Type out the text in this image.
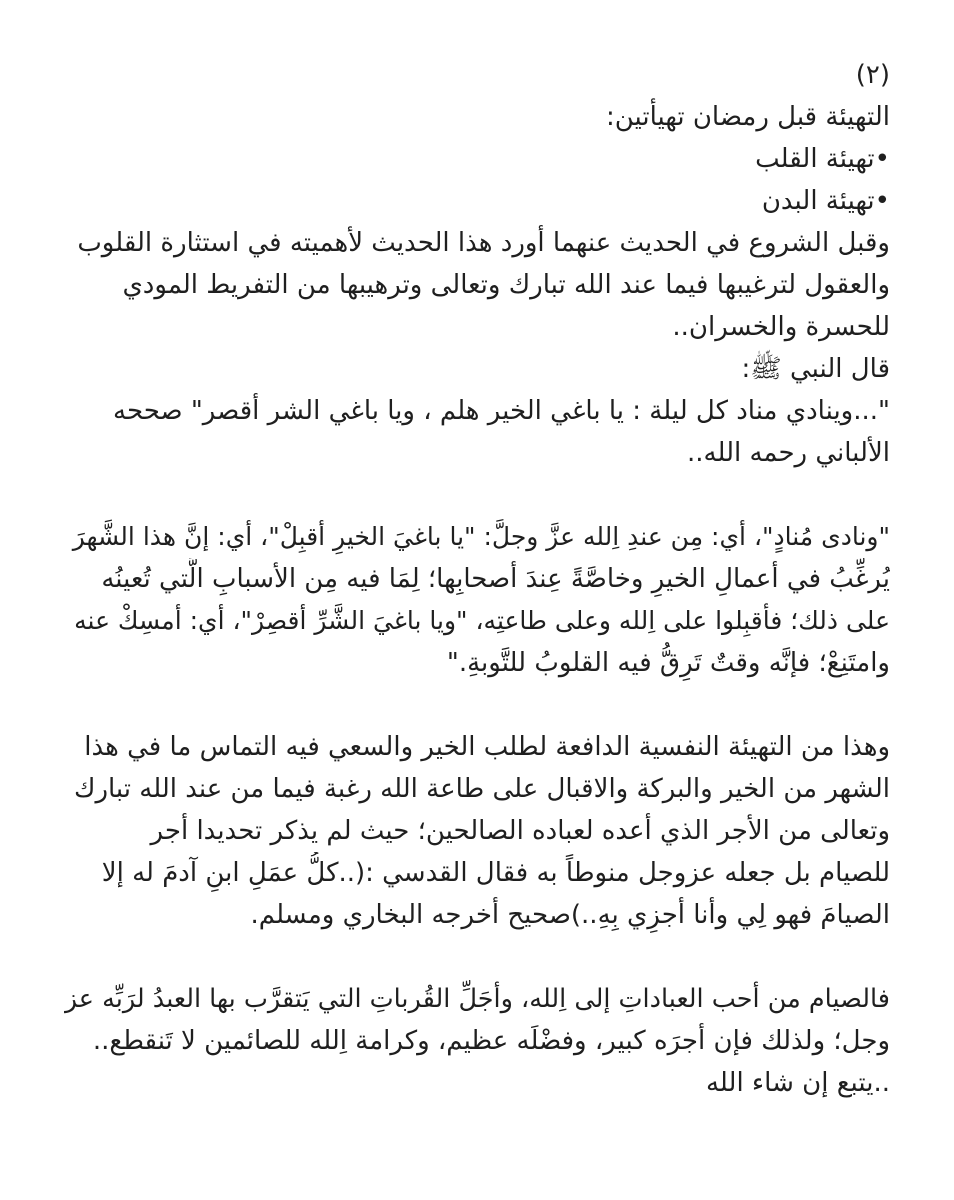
(٢)
التهيئة قبل رمضان تهيأتين:
•تهيئة القلب
•تهيئة البدن
وقبل الشروع في الحديث عنهما أورد هذا الحديث لأهميته في استثارة القلوب
والعقول لترغيبها فيما عند الله تبارك وتعالى وترهيبها من التفريط المودي
للحسرة والخسران..
قال النبي ﷺ:
"...وينادي مناد كل ليلة : يا باغي الخير هلم ، ويا باغي الشر أقصر" صححه
الألباني رحمه الله..
"ونادى مُنادٍ"، أي: مِن عندِ اِلله عزَّ وجلَّ: "يا باغيَ الخيرِ أقبِلْ"، أي: إنَّ هذا الشَّهرَ
يُرغِّبُ في أعمالِ الخيرِ وخاصَّةً عِندَ أصحابِها؛ لِمَا فيه مِن الأسبابِ الَّتي تُعينُه
على ذلك؛ فأقبِلوا على اِلله وعلى طاعتِه، "ويا باغيَ الشَّرِّ أقصِرْ"، أي: أمسِكْ عنه
وامتَنِعْ؛ فإنَّه وقتٌ تَرِقُّ فيه القلوبُ للتَّوبةِ."
وهذا من التهيئة النفسية الدافعة لطلب الخير والسعي فيه التماس ما في هذا
الشهر من الخير والبركة والاقبال على طاعة الله رغبة فيما من عند الله تبارك
وتعالى من الأجر الذي أعده لعباده الصالحين؛ حيث لم يذكر تحديدا أجر
للصيام بل جعله عزوجل منوطاً به فقال القدسي :(..كلُّ عمَلِ ابنِ آدمَ له إلا
الصيامَ فهو لِي وأنا أجزِي بِهِ..)صحيح أخرجه البخاري ومسلم.
فالصيام من أحب العباداتِ إلى اِلله، وأجَلِّ القُرباتِ التي يَتقرَّب بها العبدُ لرَبِّه عز
وجل؛ ولذلك فإن أجرَه كبير، وفضْلَه عظيم، وكرامة اِلله للصائمين لا تَنقطع..
..يتبع إن شاء الله
